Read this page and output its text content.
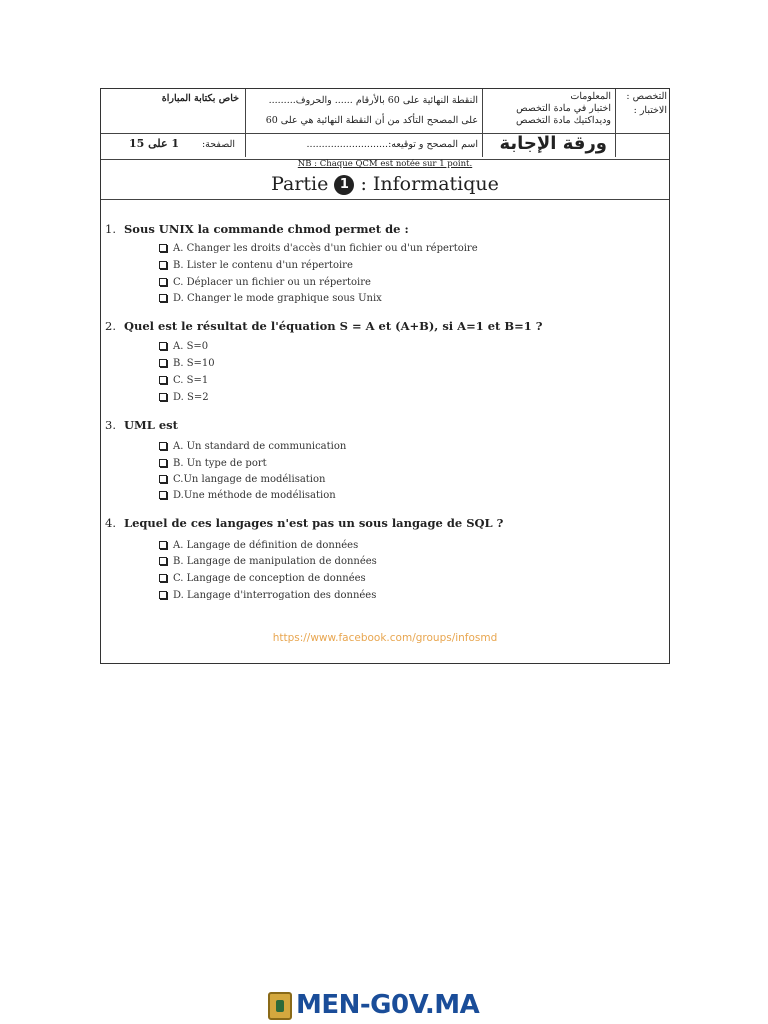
خاص بكتابة المباراة
الصفحة:
1 على 15
النقطة النهائية على 60 بالأرقام ...... والحروف.........
على المصحح التأكد من أن النقطة النهائية هي على 60
اسم المصحح و توقيعه:...........................
المعلومات
اختبار في مادة التخصص
وديداكتيك مادة التخصص
ورقة الإجابة
التخصص :
الاختبار :
NB : Chaque QCM est notée sur 1 point.
Partie 1 : Informatique
1. Sous UNIX la commande chmod permet de :
A. Changer les droits d'accès d'un fichier ou d'un répertoire
B. Lister le contenu d'un répertoire
C. Déplacer un fichier ou un répertoire
D. Changer le mode graphique sous Unix
2. Quel est le résultat de l'équation S = A et (A+B), si A=1 et B=1 ?
A. S=0
B. S=10
C. S=1
D. S=2
3. UML est
A. Un standard de communication
B. Un type de port
C.Un langage de modélisation
D.Une méthode de modélisation
4. Lequel de ces langages n'est pas un sous langage de SQL ?
A. Langage de définition de données
B. Langage de manipulation de données
C. Langage de conception de données
D. Langage d'interrogation des données
https://www.facebook.com/groups/infosmd
MEN-G0V.MA
